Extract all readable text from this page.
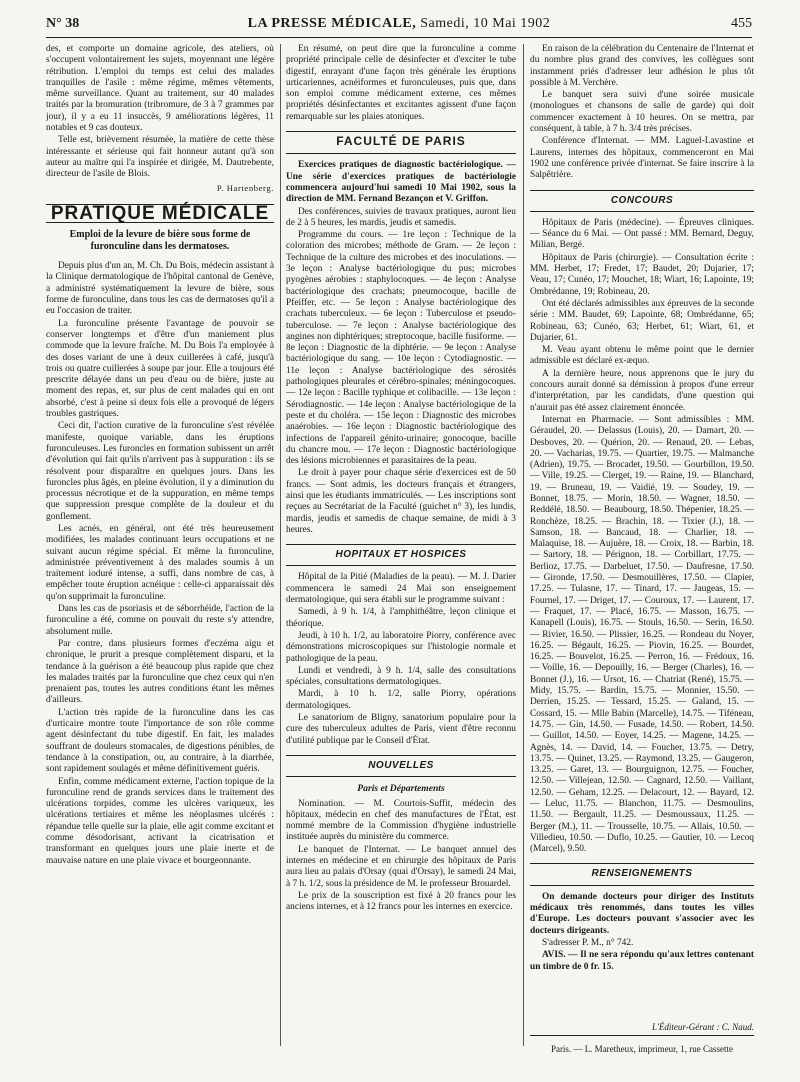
N° 38	LA PRESSE MÉDICALE, Samedi, 10 Mai 1902	455

des, et comporte un domaine agricole, des ateliers, où s'occupent volontairement les sujets, moyennant une légère rétribution. L'emploi du temps est celui des malades tranquilles de l'asile : même régime, mêmes vêtements, même surveillance. Quant au traitement, sur 40 malades traités par la bromuration (tribromure, de 3 à 7 grammes par jour), il y a eu 11 insuccès, 9 améliorations légères, 11 notables et 9 cas douteux.

Telle est, brièvement résumée, la matière de cette thèse intéressante et sérieuse qui fait honneur autant qu'à son auteur au maître qui l'a inspirée et dirigée, M. Dautrebente, directeur de l'asile de Blois.

P. Hartenberg.

PRATIQUE MÉDICALE
Emploi de la levure de bière sous forme de furonculine dans les dermatoses.

Depuis plus d'un an, M. Ch. Du Bois, médecin assistant à la Clinique dermatologique de l'hôpital cantonal de Genève, a administré systématiquement la levure de bière, sous forme de furonculine, dans tous les cas de dermatoses qu'il a eu l'occasion de traiter.

La furonculine présente l'avantage de pouvoir se conserver longtemps et d'être d'un maniement plus commode que la levure fraîche. M. Du Bois l'a employée à des doses variant de une à deux cuillerées à café, jusqu'à trois ou quatre cuillerées à soupe par jour. Elle a toujours été prescrite délayée dans un peu d'eau ou de bière, juste au moment des repas, et, sur plus de cent malades qui en ont absorbé, c'est à peine si deux fois elle a provoqué de légers troubles gastriques.

Ceci dit, l'action curative de la furonculine s'est révélée manifeste, quoique variable, dans les éruptions furonculeuses. Les furoncles en formation subissent un arrêt d'évolution qui fait qu'ils n'arrivent pas à suppuration : ils se résolvent pour disparaître en quelques jours. Dans les furoncles plus âgés, en pleine évolution, il y a diminution du processus nécrotique et de la suppuration, en même temps que suppression presque complète de la douleur et du gonflement.

Les acnés, en général, ont été très heureusement modifiées, les malades continuant leurs occupations et ne suivant aucun régime spécial. Et même la furonculine, administrée préventivement à des malades soumis à un traitement ioduré intense, a suffi, dans nombre de cas, à empêcher toute éruption acnéique : celle-ci apparaissait dès qu'on supprimait la furonculine.

Dans les cas de psoriasis et de séborrhéide, l'action de la furonculine a été, comme on pouvait du reste s'y attendre, absolument nulle.

Par contre, dans plusieurs formes d'eczéma aigu et chronique, le prurit a presque complètement disparu, et la tendance à la guérison a été beaucoup plus rapide que chez les malades traités par la furonculine que chez ceux qui n'en prenaient pas, toutes les autres conditions étant les mêmes d'ailleurs.

L'action très rapide de la furonculine dans les cas d'urticaire montre toute l'importance de son rôle comme agent désinfectant du tube digestif. En fait, les malades souffrant de douleurs stomacales, de digestions pénibles, de tendance à la constipation, ou, au contraire, à la diarrhée, sont rapidement soulagés et même définitivement guéris.

Enfin, comme médicament externe, l'action topique de la furonculine rend de grands services dans le traitement des ulcérations torpides, comme les ulcères variqueux, les ulcérations tertiaires et même les néoplasmes ulcérés : répandue telle quelle sur la plaie, elle agit comme excitant et comme désodorisant, activant la cicatrisation et transformant en quelques jours une plaie inerte et de mauvaise nature en une plaie vivace et bourgeonnante.

En résumé, on peut dire que la furonculine a comme propriété principale celle de désinfecter et d'exciter le tube digestif, enrayant d'une façon très générale les éruptions urticariennes, acnéiformes et furonculeuses, puis que, dans son emploi comme médicament externe, ces mêmes propriétés désinfectantes et excitantes agissent d'une façon remarquable sur les plaies atoniques.

FACULTÉ DE PARIS

Exercices pratiques de diagnostic bactériologique. — Une série d'exercices pratiques de bactériologie commencera aujourd'hui samedi 10 Mai 1902, sous la direction de MM. Fernand Bezançon et V. Griffon.

Des conférences, suivies de travaux pratiques, auront lieu de 2 à 5 heures, les mardis, jeudis et samedis.

Programme du cours. — 1re leçon : Technique de la coloration des microbes; méthode de Gram. — 2e leçon : Technique de la culture des microbes et des inoculations. — 3e leçon : Analyse bactériologique du pus; microbes pyogènes aérobies : staphylocoques. — 4e leçon : Analyse bactériologique des crachats; pneumocoque, bacille de Pfeiffer, etc. — 5e leçon : Analyse bactériologique des crachats tuberculeux. — 6e leçon : Tuberculose et pseudo-tuberculose. — 7e leçon : Analyse bactériologique des angines non diphtériques; streptocoque, bacille fusiforme. — 8e leçon : Diagnostic de la diphtérie. — 9e leçon : Analyse bactériologique du sang. — 10e leçon : Cytodiagnostic. — 11e leçon : Analyse bactériologique des sérosités pathologiques pleurales et cérébro-spinales; méningocoques. — 12e leçon : Bacille typhique et colibacille. — 13e leçon : Sérodiagnostic. — 14e leçon : Analyse bactériologique de la peste et du choléra. — 15e leçon : Diagnostic des microbes anaérobies. — 16e leçon : Diagnostic bactériologique des infections de l'appareil génito-urinaire; gonocoque, bacille du chancre mou. — 17e leçon : Diagnostic bactériologique des lésions microbiennes et parasitaires de la peau.

Le droit à payer pour chaque série d'exercices est de 50 francs. — Sont admis, les docteurs français et étrangers, ainsi que les étudiants immatriculés. — Les inscriptions sont reçues au Secrétariat de la Faculté (guichet n° 3), les lundis, mardis, jeudis et samedis de chaque semaine, de midi à 3 heures.

HOPITAUX ET HOSPICES

Hôpital de la Pitié (Maladies de la peau). — M. J. Darier commencera le samedi 24 Mai son enseignement dermatologique, qui sera établi sur le programme suivant :

Samedi, à 9 h. 1/4, à l'amphithéâtre, leçon clinique et théorique.

Jeudi, à 10 h. 1/2, au laboratoire Piorry, conférence avec démonstrations microscopiques sur l'histologie normale et pathologique de la peau.

Lundi et vendredi, à 9 h. 1/4, salle des consultations spéciales, consultations dermatologiques.

Mardi, à 10 h. 1/2, salle Piorry, opérations dermatologiques.

Le sanatorium de Bligny, sanatorium populaire pour la cure des tuberculeux adultes de Paris, vient d'être reconnu d'utilité publique par le Conseil d'État.

NOUVELLES
Paris et Départements

Nomination. — M. Courtois-Suffit, médecin des hôpitaux, médecin en chef des manufactures de l'État, est nommé membre de la Commission d'hygiène industrielle instituée auprès du ministère du commerce.

Le banquet de l'Internat. — Le banquet annuel des internes en médecine et en chirurgie des hôpitaux de Paris aura lieu au palais d'Orsay (quai d'Orsay), le samedi 24 Mai, à 7 h. 1/2, sous la présidence de M. le professeur Brouardel.

Le prix de la souscription est fixé à 20 francs pour les anciens internes, et à 12 francs pour les internes en exercice.

En raison de la célébration du Centenaire de l'Internat et du nombre plus grand des convives, les collègues sont instamment priés d'adresser leur adhésion le plus tôt possible à M. Verchère.

Le banquet sera suivi d'une soirée musicale (monologues et chansons de salle de garde) qui doit commencer exactement à 10 heures. On se mettra, par conséquent, à table, à 7 h. 3/4 très précises.

Conférence d'Internat. — MM. Laguel-Lavastine et Laurens, internes des hôpitaux, commenceront en Mai 1902 une conférence privée d'internat. Se faire inscrire à la Salpêtrière.

CONCOURS

Hôpitaux de Paris (médecine). — Épreuves cliniques. — Séance du 6 Mai. — Ont passé : MM. Bernard, Deguy, Milian, Bergé.

Hôpitaux de Paris (chirurgie). — Consultation écrite : MM. Herbet, 17; Fredet, 17; Baudet, 20; Dujarier, 17; Veau, 17; Cunéo, 17; Mouchet, 18; Wiart, 16; Lapointe, 19; Ombrédanne, 19; Robineau, 20.

Ont été déclarés admissibles aux épreuves de la seconde série : MM. Baudet, 69; Lapointe, 68; Ombrédanne, 65; Robineau, 63; Cunéo, 63; Herbet, 61; Wiart, 61, et Dujarier, 61.

M. Veau ayant obtenu le même point que le dernier admissible est déclaré ex-æquo.

A la dernière heure, nous apprenons que le jury du concours aurait donné sa démission à propos d'une erreur d'interprétation, par les candidats, d'une question qui n'aurait pas été assez clairement énoncée.

Internat en Pharmacie. — Sont admissibles : MM. Géraudel, 20. — Delassus (Louis), 20. — Damart, 20. — Desboves, 20. — Quérion, 20. — Renaud, 20. — Lebas, 20. — Vacharias, 19.75. — Quartier, 19.75. — Malmanche (Adrien), 19.75. — Brocadet, 19.50. — Gourbillon, 19.50. — Ville, 19.25. — Clerget, 19. — Raine, 19. — Blanchard, 19. — Bruneau, 19. — Vaidié, 19. — Soudey, 19. — Bonnet, 18.75. — Morin, 18.50. — Wagner, 18.50. — Reddélé, 18.50. — Beaubourg, 18.50. Thépenier, 18.25. — Ronchèze, 18.25. — Brachin, 18. — Tixier (J.), 18. — Samson, 18. — Bancaud, 18. — Charlier, 18. — Malaquise, 18. — Aujuère, 18. — Croix, 18. — Barbin, 18. — Sartory, 18. — Pérignon, 18. — Corbillart, 17.75. — Berlioz, 17.75. — Darbeluet, 17.50. — Daufresne, 17.50. — Gironde, 17.50. — Desmouillères, 17.50. — Clapier, 17.25. — Tulasne, 17. — Tinard, 17. — Jaugeas, 15. — Fournel, 17. — Driget, 17. — Couroux, 17. — Laurent, 17. — Fraquet, 17. — Placé, 16.75. — Masson, 16.75. — Kanapell (Louis), 16.75. — Stouls, 16.50. — Serin, 16.50. — Rivier, 16.50. — Plissier, 16.25. — Rondeau du Noyer, 16.25. — Bégault, 16.25. — Piovin, 16.25. — Bourdet, 16.25. — Bouvelot, 16.25. — Perron, 16. — Frédoux, 16. — Voille, 16. — Depouilly, 16. — Berger (Charles), 16. — Bonnet (J.), 16. — Ursot, 16. — Chatriat (René), 15.75. — Midy, 15.75. — Bardin, 15.75. — Monnier, 15.50. — Derrien, 15.25. — Tessard, 15.25. — Galand, 15. — Cossard, 15. — Mlle Babin (Marcelle), 14.75. — Tiféneau, 14.75. — Gin, 14.50. — Fusade, 14.50. — Robert, 14.50. — Guillot, 14.50. — Eoyer, 14.25. — Magene, 14.25. — Agnès, 14. — David, 14. — Foucher, 13.75. — Detry, 13.75. — Quinet, 13.25. — Raymond, 13.25. — Gaugeron, 13.25. — Garet, 13. — Bourguignon, 12.75. — Foucher, 12.50. — Villejean, 12.50. — Cagnard, 12.50. — Vaillant, 12.50. — Geham, 12.25. — Delacourt, 12. — Bayard, 12. — Leluc, 11.75. — Blanchon, 11.75. — Desmoulins, 11.50. — Bergault, 11.25. — Desmoussaux, 11.25. — Berger (M.), 11. — Trousselle, 10.75. — Allais, 10.50. — Villedieu, 10.50. — Duflo, 10.25. — Gautier, 10. — Lecoq (Marcel), 9.50.

RENSEIGNEMENTS

On demande docteurs pour diriger des Instituts médicaux très renommés, dans toutes les villes d'Europe. Les docteurs pouvant s'associer avec les docteurs dirigeants.

S'adresser P. M., n° 742.

AVIS. — Il ne sera répondu qu'aux lettres contenant un timbre de 0 fr. 15.

L'Éditeur-Gérant : C. Naud.
Paris. — L. Maretheux, imprimeur, 1, rue Cassette
